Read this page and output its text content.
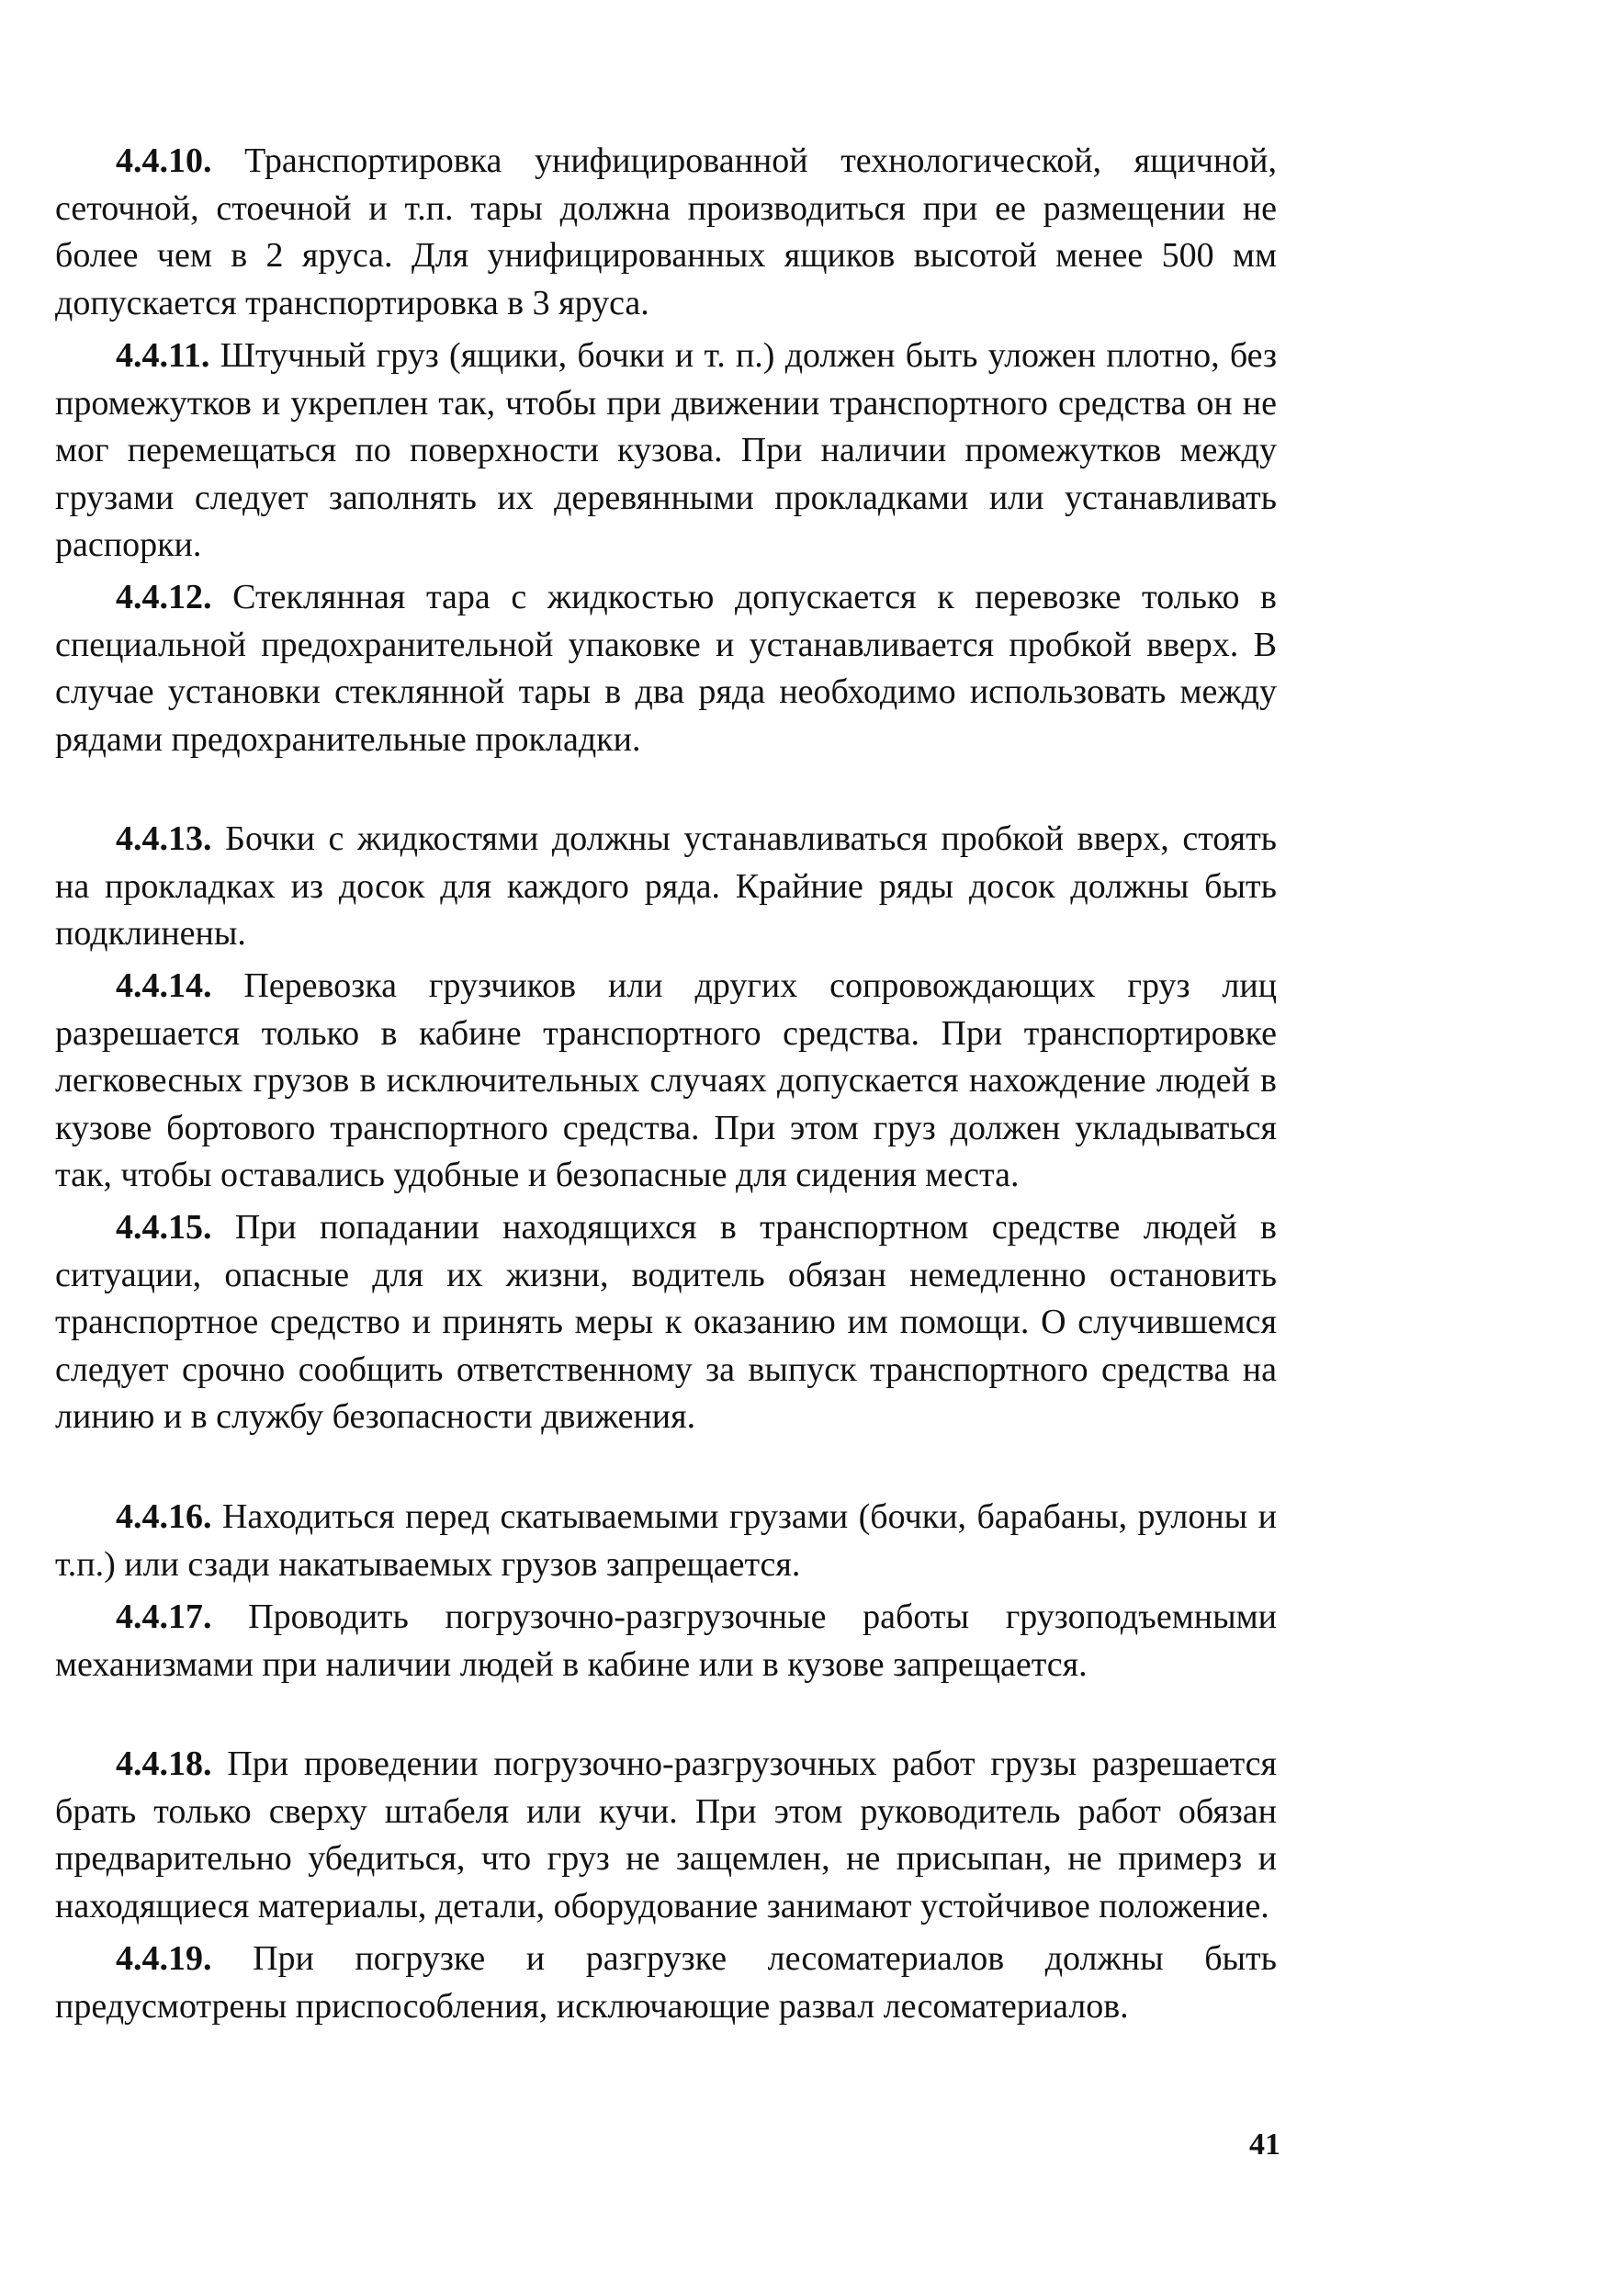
4.4.10. Транспортировка унифицированной технологической, ящичной, сеточной, стоечной и т.п. тары должна производиться при ее размещении не более чем в 2 яруса. Для унифицированных ящиков высотой менее 500 мм допускается транспортировка в 3 яруса.

4.4.11. Штучный груз (ящики, бочки и т. п.) должен быть уложен плотно, без промежутков и укреплен так, чтобы при движении транспортного средства он не мог перемещаться по поверхности кузова. При наличии промежутков между грузами следует заполнять их деревянными прокладками или устанавливать распорки.

4.4.12. Стеклянная тара с жидкостью допускается к перевозке только в специальной предохранительной упаковке и устанавливается пробкой вверх. В случае установки стеклянной тары в два ряда необходимо использовать между рядами предохранительные прокладки.

4.4.13. Бочки с жидкостями должны устанавливаться пробкой вверх, стоять на прокладках из досок для каждого ряда. Крайние ряды досок должны быть подклинены.

4.4.14. Перевозка грузчиков или других сопровождающих груз лиц разрешается только в кабине транспортного средства. При транспортировке легковесных грузов в исключительных случаях допускается нахождение людей в кузове бортового транспортного средства. При этом груз должен укладываться так, чтобы оставались удобные и безопасные для сидения места.

4.4.15. При попадании находящихся в транспортном средстве людей в ситуации, опасные для их жизни, водитель обязан немедленно остановить транспортное средство и принять меры к оказанию им помощи. О случившемся следует срочно сообщить ответственному за выпуск транспортного средства на линию и в службу безопасности движения.

4.4.16. Находиться перед скатываемыми грузами (бочки, барабаны, рулоны и т.п.) или сзади накатываемых грузов запрещается.

4.4.17. Проводить погрузочно-разгрузочные работы грузоподъемными механизмами при наличии людей в кабине или в кузове запрещается.

4.4.18. При проведении погрузочно-разгрузочных работ грузы разрешается брать только сверху штабеля или кучи. При этом руководитель работ обязан предварительно убедиться, что груз не защемлен, не присыпан, не примерз и находящиеся материалы, детали, оборудование занимают устойчивое положение.

4.4.19. При погрузке и разгрузке лесоматериалов должны быть предусмотрены приспособления, исключающие развал лесоматериалов.

41
